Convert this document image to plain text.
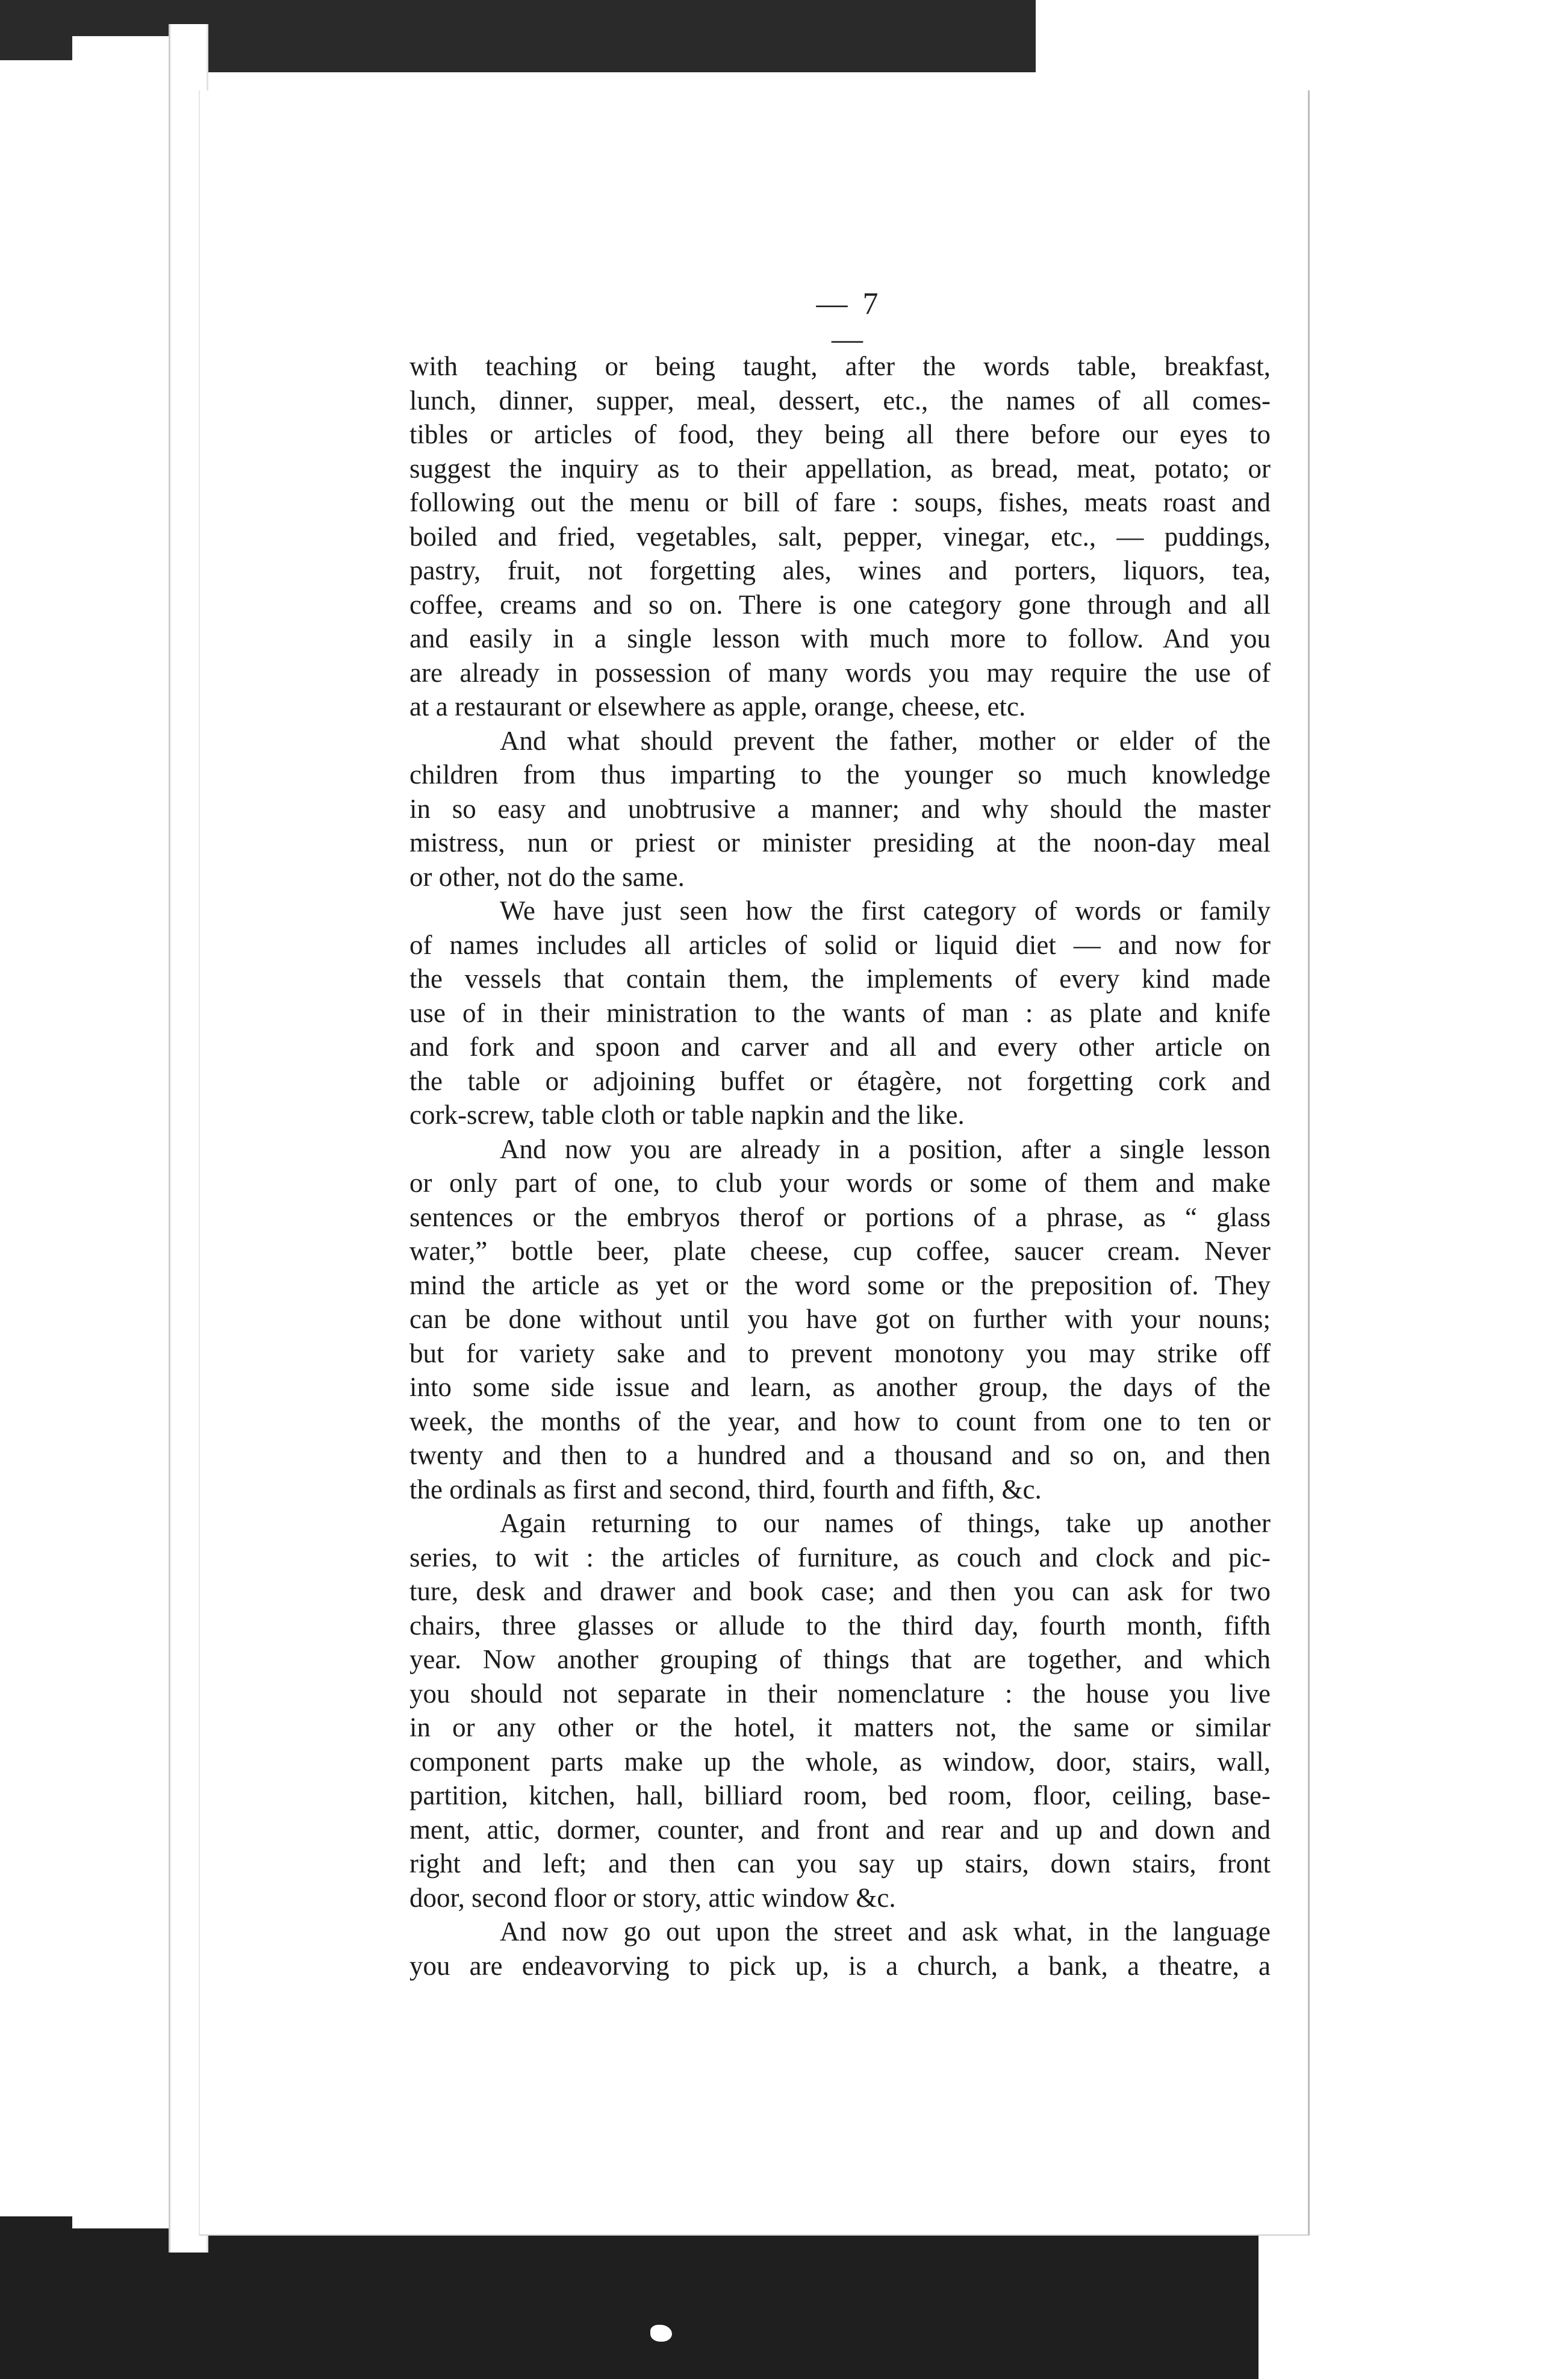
— 7 —
with teaching or being taught, after the words table, breakfast,
lunch, dinner, supper, meal, dessert, etc., the names of all comes-
tibles or articles of food, they being all there before our eyes to
suggest the inquiry as to their appellation, as bread, meat, potato; or
following out the menu or bill of fare : soups, fishes, meats roast and
boiled and fried, vegetables, salt, pepper, vinegar, etc., — puddings,
pastry, fruit, not forgetting ales, wines and porters, liquors, tea,
coffee, creams and so on. There is one category gone through and all
and easily in a single lesson with much more to follow. And you
are already in possession of many words you may require the use of
at a restaurant or elsewhere as apple, orange, cheese, etc.
And what should prevent the father, mother or elder of the
children from thus imparting to the younger so much knowledge
in so easy and unobtrusive a manner; and why should the master
mistress, nun or priest or minister presiding at the noon-day meal
or other, not do the same.
We have just seen how the first category of words or family
of names includes all articles of solid or liquid diet — and now for
the vessels that contain them, the implements of every kind made
use of in their ministration to the wants of man : as plate and knife
and fork and spoon and carver and all and every other article on
the table or adjoining buffet or étagère, not forgetting cork and
cork-screw, table cloth or table napkin and the like.
And now you are already in a position, after a single lesson
or only part of one, to club your words or some of them and make
sentences or the embryos therof or portions of a phrase, as “ glass
water,” bottle beer, plate cheese, cup coffee, saucer cream. Never
mind the article as yet or the word some or the preposition of. They
can be done without until you have got on further with your nouns;
but for variety sake and to prevent monotony you may strike off
into some side issue and learn, as another group, the days of the
week, the months of the year, and how to count from one to ten or
twenty and then to a hundred and a thousand and so on, and then
the ordinals as first and second, third, fourth and fifth, &c.
Again returning to our names of things, take up another
series, to wit : the articles of furniture, as couch and clock and pic-
ture, desk and drawer and book case; and then you can ask for two
chairs, three glasses or allude to the third day, fourth month, fifth
year. Now another grouping of things that are together, and which
you should not separate in their nomenclature : the house you live
in or any other or the hotel, it matters not, the same or similar
component parts make up the whole, as window, door, stairs, wall,
partition, kitchen, hall, billiard room, bed room, floor, ceiling, base-
ment, attic, dormer, counter, and front and rear and up and down and
right and left; and then can you say up stairs, down stairs, front
door, second floor or story, attic window &c.
And now go out upon the street and ask what, in the language
you are endeavorving to pick up, is a church, a bank, a theatre, a
